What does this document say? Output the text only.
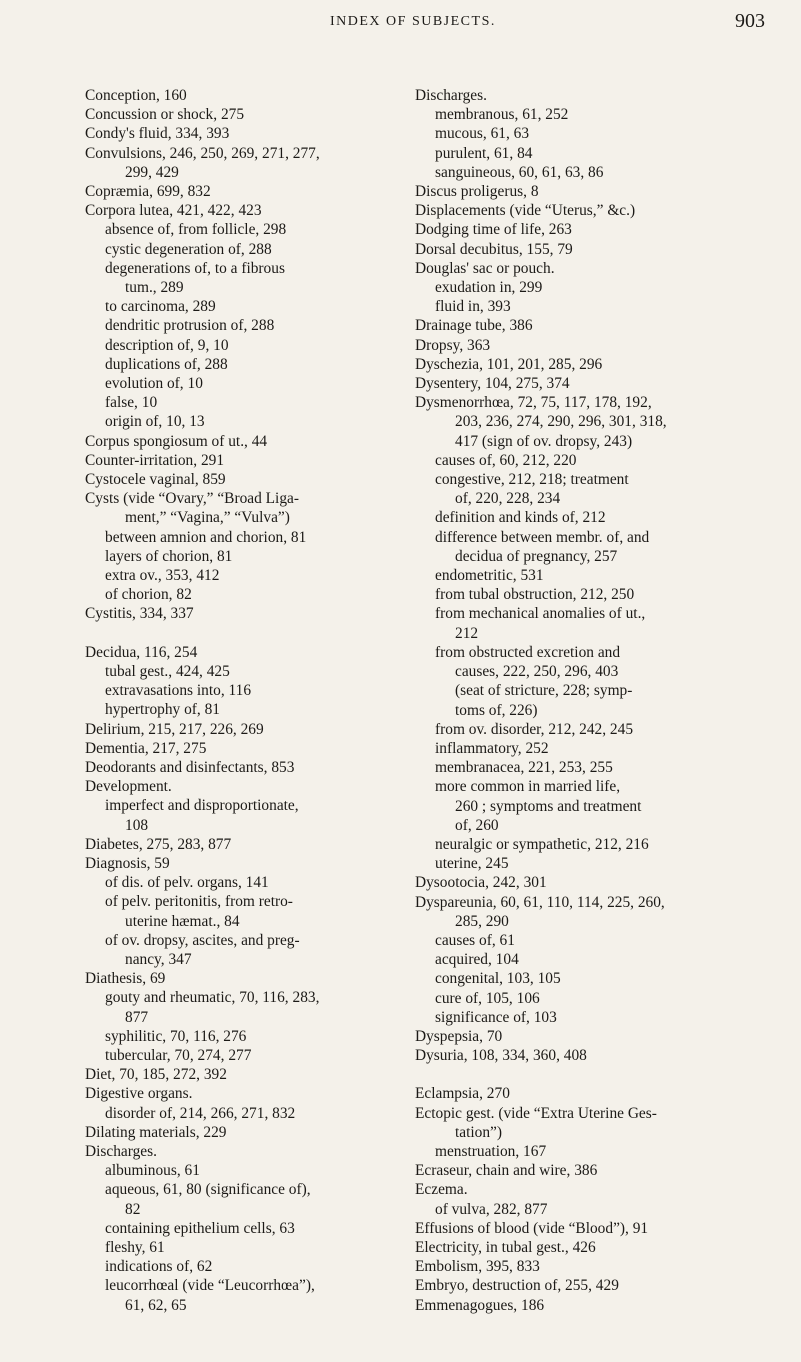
INDEX OF SUBJECTS.	903
Conception, 160
Concussion or shock, 275
Condy's fluid, 334, 393
Convulsions, 246, 250, 269, 271, 277,
299, 429
Copræmia, 699, 832
Corpora lutea, 421, 422, 423
absence of, from follicle, 298
cystic degeneration of, 288
degenerations of, to a fibrous
tum., 289
to carcinoma, 289
dendritic protrusion of, 288
description of, 9, 10
duplications of, 288
evolution of, 10
false, 10
origin of, 10, 13
Corpus spongiosum of ut., 44
Counter-irritation, 291
Cystocele vaginal, 859
Cysts (vide “Ovary,” “Broad Liga-
ment,” “Vagina,” “Vulva”)
between amnion and chorion, 81
layers of chorion, 81
extra ov., 353, 412
of chorion, 82
Cystitis, 334, 337
Decidua, 116, 254
tubal gest., 424, 425
extravasations into, 116
hypertrophy of, 81
Delirium, 215, 217, 226, 269
Dementia, 217, 275
Deodorants and disinfectants, 853
Development.
imperfect and disproportionate,
108
Diabetes, 275, 283, 877
Diagnosis, 59
of dis. of pelv. organs, 141
of pelv. peritonitis, from retro-
uterine hæmat., 84
of ov. dropsy, ascites, and preg-
nancy, 347
Diathesis, 69
gouty and rheumatic, 70, 116, 283,
877
syphilitic, 70, 116, 276
tubercular, 70, 274, 277
Diet, 70, 185, 272, 392
Digestive organs.
disorder of, 214, 266, 271, 832
Dilating materials, 229
Discharges.
albuminous, 61
aqueous, 61, 80 (significance of),
82
containing epithelium cells, 63
fleshy, 61
indications of, 62
leucorrhœal (vide “Leucorrhœa”),
61, 62, 65
Discharges.
membranous, 61, 252
mucous, 61, 63
purulent, 61, 84
sanguineous, 60, 61, 63, 86
Discus proligerus, 8
Displacements (vide “Uterus,” &c.)
Dodging time of life, 263
Dorsal decubitus, 155, 79
Douglas' sac or pouch.
exudation in, 299
fluid in, 393
Drainage tube, 386
Dropsy, 363
Dyschezia, 101, 201, 285, 296
Dysentery, 104, 275, 374
Dysmenorrhœa, 72, 75, 117, 178, 192,
203, 236, 274, 290, 296, 301, 318,
417 (sign of ov. dropsy, 243)
causes of, 60, 212, 220
congestive, 212, 218; treatment
of, 220, 228, 234
definition and kinds of, 212
difference between membr. of, and
decidua of pregnancy, 257
endometritic, 531
from tubal obstruction, 212, 250
from mechanical anomalies of ut.,
212
from obstructed excretion and
causes, 222, 250, 296, 403
(seat of stricture, 228; symp-
toms of, 226)
from ov. disorder, 212, 242, 245
inflammatory, 252
membranacea, 221, 253, 255
more common in married life,
260 ; symptoms and treatment
of, 260
neuralgic or sympathetic, 212, 216
uterine, 245
Dysootocia, 242, 301
Dyspareunia, 60, 61, 110, 114, 225, 260,
285, 290
causes of, 61
acquired, 104
congenital, 103, 105
cure of, 105, 106
significance of, 103
Dyspepsia, 70
Dysuria, 108, 334, 360, 408
Eclampsia, 270
Ectopic gest. (vide “Extra Uterine Ges-
tation”)
menstruation, 167
Ecraseur, chain and wire, 386
Eczema.
of vulva, 282, 877
Effusions of blood (vide “Blood”), 91
Electricity, in tubal gest., 426
Embolism, 395, 833
Embryo, destruction of, 255, 429
Emmenagogues, 186
